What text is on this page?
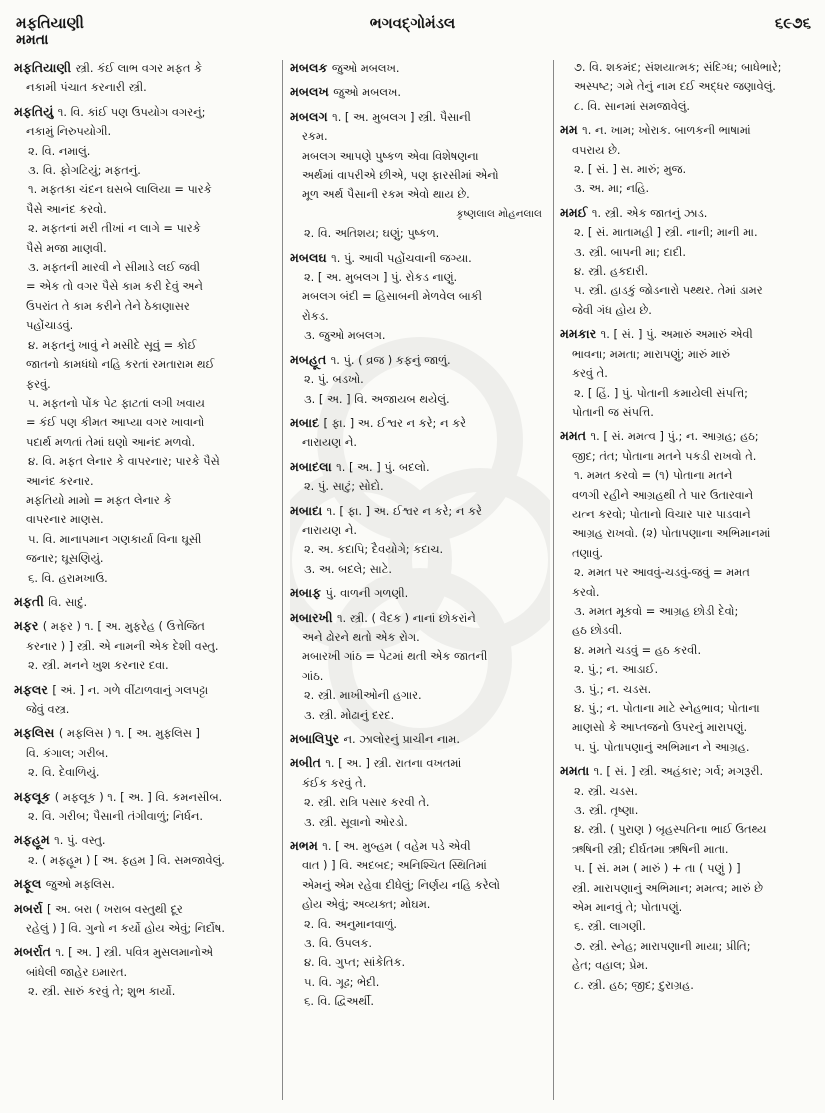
મફતિયાણી	ભગવદ્ગોમંડલ	૬૯૭૬
મમતા
મફતિયાણી સ્ત્રી. કંઈ લાભ વગર મફત કે
નકામી પંચાત કરનારી સ્ત્રી.
મફતિયું ૧. વિ. કાંઈ પણ ઉપયોગ વગરનું;
નકામું નિરુપયોગી.
૨. વિ. નમાલું.
૩. વિ. ફોગટિયું; મફતનું.
૧. મફતકા ચંદન ઘસબે લાલિયા = પારકે
પૈસે આનંદ કરવો.
૨. મફતનાં મરી તીખાં ન લાગે = પારકે
પૈસે મજા માણવી.
૩. મફતની મારવી ને સીમાડે લઈ જવી
= એક તો વગર પૈસે કામ કરી દેવું અને
ઉપરાંત તે કામ કરીને તેને ઠેકાણાસર
પહોંચાડવું.
૪. મફતનું ખાવું ને મસીદે સૂવું = કોઈ
જાતનો કામધંધો નહિ કરતાં રમતારામ થઈ
ફરવું.
૫. મફતનો પોંક પેટ ફાટતાં લગી ખવાય
= કંઈ પણ કીમત આપ્યા વગર ખાવાનો
પદાર્થ મળતાં તેમાં ઘણો આનંદ મળવો.
૪. વિ. મફત લેનાર કે વાપરનાર; પારકે પૈસે
આનંદ કરનાર.
મફતિયો મામો = મફત લેનાર કે
વાપરનાર માણસ.
૫. વિ. માનાપમાન ગણકાર્યા વિના ઘૂસી
જનાર; ઘૂસણિયું.
૬. વિ. હરામખાઉ.
મફતી વિ. સાદું.
મફર ( મફર ) ૧. [ અ. મુફરેહ ( ઉત્તેજિત
કરનાર ) ] સ્ત્રી. એ નામની એક દેશી વસ્તુ.
૨. સ્ત્રી. મનને ખુશ કરનાર દવા.
મફલર [ અં. ] ન. ગળે વીંટાળવાનું ગલપટ્ટા
જેવું વસ્ત્ર.
મફલિસ ( મફલિસ ) ૧. [ અ. મુફલિસ ]
વિ. કંગાલ; ગરીબ.
૨. વિ. દેવાળિયું.
મફલૂક ( મફલૂક ) ૧. [ અ. ] વિ. કમનસીબ.
૨. વિ. ગરીબ; પૈસાની તંગીવાળું; નિર્ધન.
મફહૂમ ૧. પું. વસ્તુ.
૨. ( મફહૂમ ) [ અ. ફહમ ] વિ. સમજાવેલું.
મફૂલ જુઓ મફલિસ.
મબર્રા [ અ. બરા ( ખરાબ વસ્તુથી દૂર
રહેલું ) ] વિ. ગુનો ન કર્યો હોય એવું; નિર્દોષ.
મબર્રાત ૧. [ અ. ] સ્ત્રી. પવિત્ર મુસલમાનોએ
બાંધેલી જાહેર ઇમારત.
૨. સ્ત્રી. સારું કરવું તે; શુભ કાર્યો.
મબલક જુઓ મબલખ.
મબલખ જુઓ મબલખ.
મબલગ ૧. [ અ. મુબલગ ] સ્ત્રી. પૈસાની
રકમ.
મબલગ આપણે પુષ્કળ એવા વિશેષણના
અર્થમાં વાપરીએ છીએ, પણ ફારસીમાં એનો
મૂળ અર્થ પૈસાની રકમ એવો થાય છે.
કૃષ્ણલાલ મોહનલાલ
૨. વિ. અતિશય; ઘણું; પુષ્કળ.
મબલઘ ૧. પું. આવી પહોંચવાની જગ્યા.
૨. [ અ. મુબલગ ] પું. રોકડ નાણું.
મબલગ બંદી = હિસાબની મેળવેલ બાકી
રોકડ.
૩. જુઓ મબલગ.
મબહૂત ૧. પું. ( વ્રજ ) કફનું જાળું.
૨. પું. બડખો.
૩. [ અ. ] વિ. અજાયબ થયેલું.
મબાદ [ ફા. ] અ. ઈશ્વર ન કરે; ન કરે
નારાયણ ને.
મબાદલા ૧. [ અ. ] પું. બદલો.
૨. પું. સાટું; સોદો.
મબાદા ૧. [ ફા. ] અ. ઈશ્વર ન કરે; ન કરે
નારાયણ ને.
૨. અ. કદાપિ; દૈવયોગે; કદાચ.
૩. અ. બદલે; સાટે.
મબાફ પું. વાળની ગળણી.
મબારખી ૧. સ્ત્રી. ( વૈદક ) નાનાં છોકરાંને
અને ઢોરને થતો એક રોગ.
મબારખી ગાંઠ = પેટમાં થતી એક જાતની
ગાંઠ.
૨. સ્ત્રી. માખીઓની હગાર.
૩. સ્ત્રી. મોઢાનું દરદ.
મબાલિપુર ન. ઝાલોરનું પ્રાચીન નામ.
મબીત ૧. [ અ. ] સ્ત્રી. રાતના વખતમાં
કંઈક કરવું તે.
૨. સ્ત્રી. રાત્રિ પસાર કરવી તે.
૩. સ્ત્રી. સૂવાનો ઓરડો.
મભમ ૧. [ અ. મુબ્હમ ( વહેમ પડે એવી
વાત ) ] વિ. અદબદ; અનિશ્ચિત સ્થિતિમાં
એમનું એમ રહેવા દીધેલું; નિર્ણય નહિ કરેલો
હોય એવું; અવ્યક્ત; મોઘમ.
૨. વિ. અનુમાનવાળું.
૩. વિ. ઉપલક.
૪. વિ. ગુપ્ત; સાંકેતિક.
૫. વિ. ગૂઢ; ભેદી.
૬. વિ. દ્વિઅર્થી.
૭. વિ. શકમંદ; સંશયાત્મક; સંદિગ્ધ; બાધેભારે;
અસ્પષ્ટ; ગમે તેનું નામ દઈ અદ્ધર જણાવેલું.
૮. વિ. સાનમાં સમજાવેલું.
મમ ૧. ન. ખામ; ખોરાક. બાળકની ભાષામાં
વપરાય છે.
૨. [ સં. ] સ. મારું; મુજ.
૩. અ. મા; નહિ.
મમઈ ૧. સ્ત્રી. એક જાતનું ઝાડ.
૨. [ સં. માતામહી ] સ્ત્રી. નાની; માની મા.
૩. સ્ત્રી. બાપની મા; દાદી.
૪. સ્ત્રી. હકદારી.
૫. સ્ત્રી. હાડકું જોડનારો પથ્થર. તેમાં ડામર
જેવી ગંધ હોય છે.
મમકાર ૧. [ સં. ] પું. અમારું અમારું એવી
ભાવના; મમતા; મારાપણું; મારું મારું
કરવું તે.
૨. [ હિં. ] પું. પોતાની કમાયેલી સંપત્તિ;
પોતાની જ સંપત્તિ.
મમત ૧. [ સં. મમત્વ ] પું.; ન. આગ્રહ; હઠ;
જીદ; તંત; પોતાના મતને પકડી રાખવો તે.
૧. મમત કરવો = (૧) પોતાના મતને
વળગી રહીને આગ્રહથી તે પાર ઉતારવાને
યત્ન કરવો; પોતાનો વિચાર પાર પાડવાને
આગ્રહ રાખવો. (૨) પોતાપણાના અભિમાનમાં
તણાવું.
૨. મમત પર આવવું-ચડવું-જવું = મમત
કરવો.
૩. મમત મૂકવો = આગ્રહ છોડી દેવો;
હઠ છોડવી.
૪. મમતે ચડવું = હઠ કરવી.
૨. પું.; ન. આડાઈ.
૩. પું.; ન. ચડસ.
૪. પું.; ન. પોતાના માટે સ્નેહભાવ; પોતાના
માણસો કે આપ્તજનો ઉપરનું મારાપણું.
૫. પું. પોતાપણાનું અભિમાન ને આગ્રહ.
મમતા ૧. [ સં. ] સ્ત્રી. અહંકાર; ગર્વ; મગરૂરી.
૨. સ્ત્રી. ચડસ.
૩. સ્ત્રી. તૃષ્ણા.
૪. સ્ત્રી. ( પુરાણ ) બૃહસ્પતિના ભાઈ ઉતથ્ય
ઋષિની સ્ત્રી; દીર્ઘતમા ઋષિની માતા.
૫. [ સં. મમ ( મારું ) + તા ( પણું ) ]
સ્ત્રી. મારાપણાનું અભિમાન; મમત્વ; મારું છે
એમ માનવું તે; પોતાપણું.
૬. સ્ત્રી. લાગણી.
૭. સ્ત્રી. સ્નેહ; મારાપણાની માયા; પ્રીતિ;
હેત; વહાલ; પ્રેમ.
૮. સ્ત્રી. હઠ; જીદ; દુરાગ્રહ.
